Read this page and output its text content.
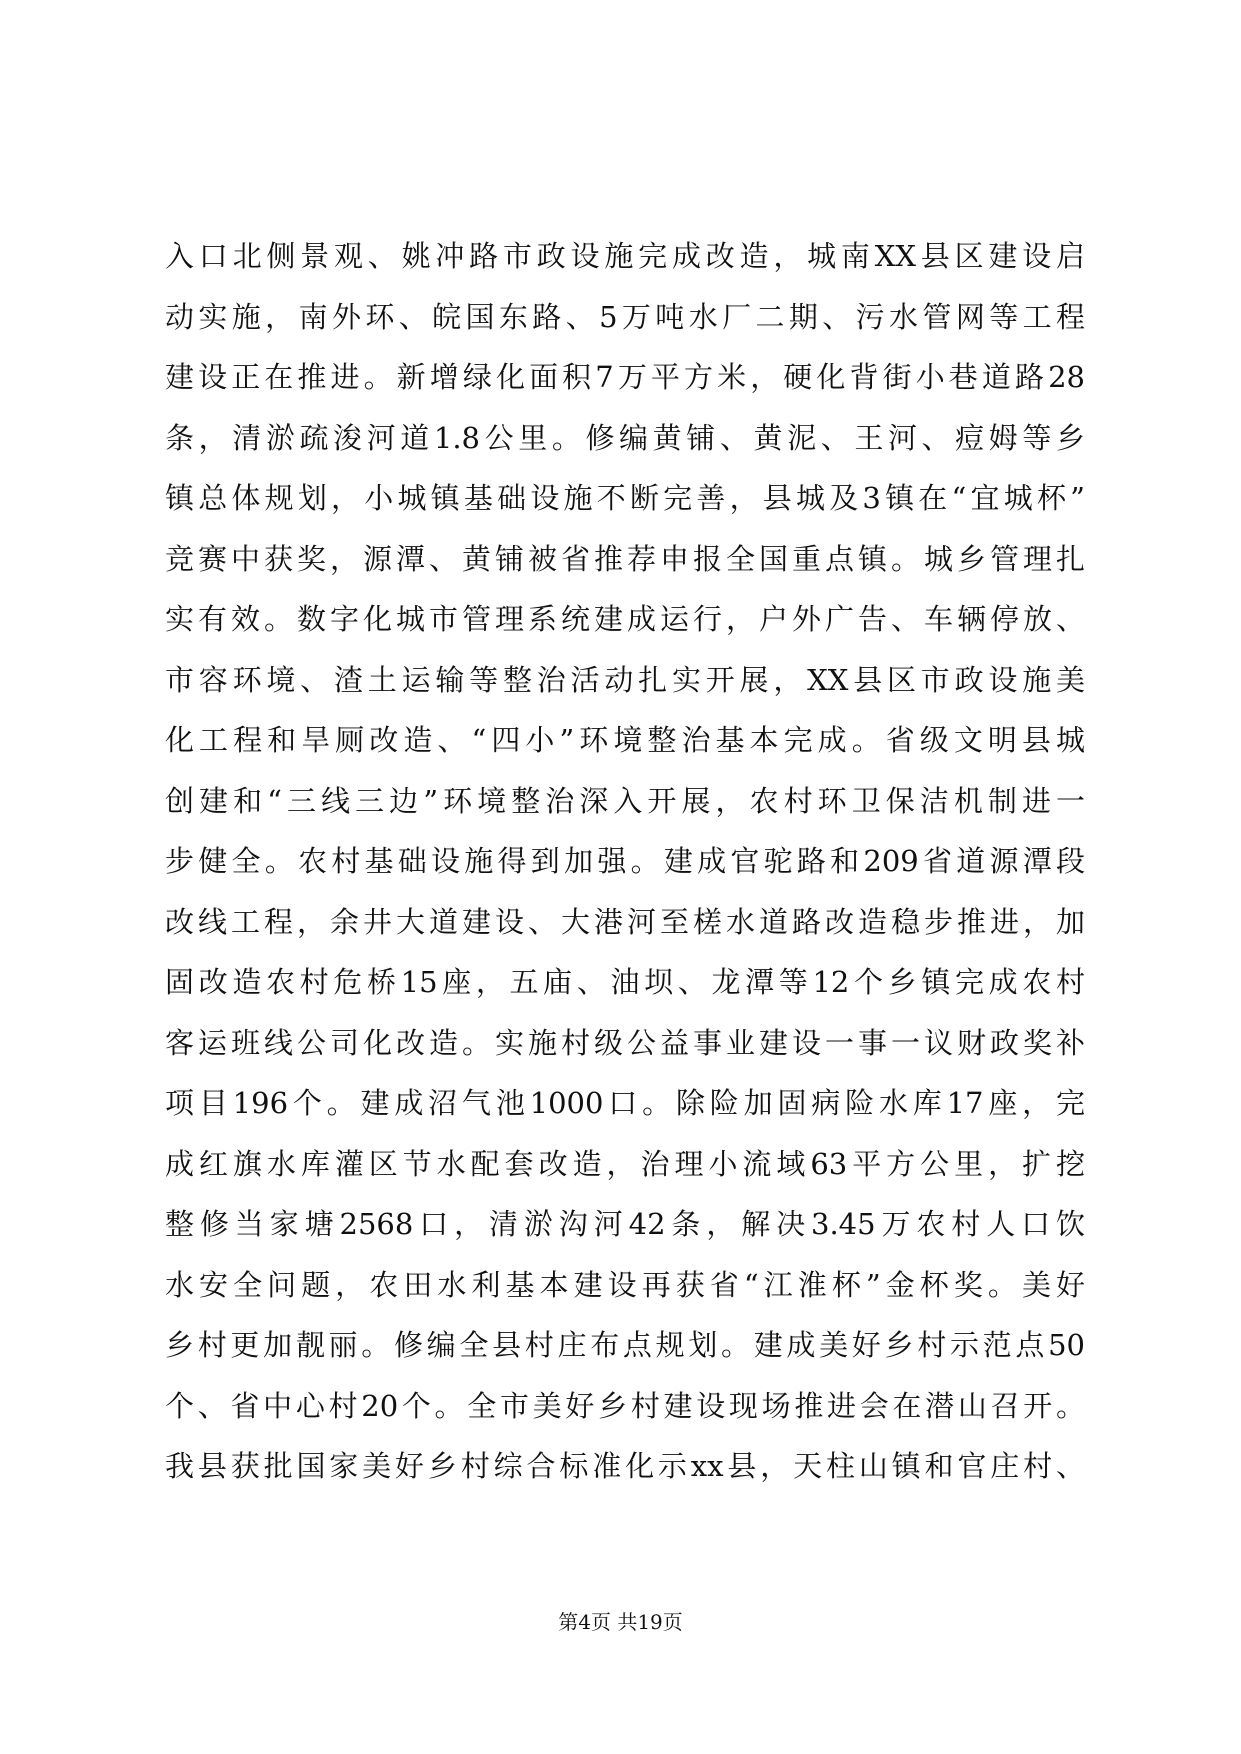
入口北侧景观、姚冲路市政设施完成改造，城南XX县区建设启
动实施，南外环、皖国东路、5万吨水厂二期、污水管网等工程
建设正在推进。新增绿化面积7万平方米，硬化背街小巷道路28
条，清淤疏浚河道1.8公里。修编黄铺、黄泥、王河、痘姆等乡
镇总体规划，小城镇基础设施不断完善，县城及3镇在“宜城杯”
竞赛中获奖，源潭、黄铺被省推荐申报全国重点镇。城乡管理扎
实有效。数字化城市管理系统建成运行，户外广告、车辆停放、
市容环境、渣土运输等整治活动扎实开展，XX县区市政设施美
化工程和旱厕改造、“四小”环境整治基本完成。省级文明县城
创建和“三线三边”环境整治深入开展，农村环卫保洁机制进一
步健全。农村基础设施得到加强。建成官驼路和209省道源潭段
改线工程，余井大道建设、大港河至槎水道路改造稳步推进，加
固改造农村危桥15座，五庙、油坝、龙潭等12个乡镇完成农村
客运班线公司化改造。实施村级公益事业建设一事一议财政奖补
项目196个。建成沼气池1000口。除险加固病险水库17座，完
成红旗水库灌区节水配套改造，治理小流域63平方公里，扩挖
整修当家塘2568口，清淤沟河42条，解决3.45万农村人口饮
水安全问题，农田水利基本建设再获省“江淮杯”金杯奖。美好
乡村更加靓丽。修编全县村庄布点规划。建成美好乡村示范点50
个、省中心村20个。全市美好乡村建设现场推进会在潜山召开。
我县获批国家美好乡村综合标准化示xx县，天柱山镇和官庄村、
第4页 共19页
